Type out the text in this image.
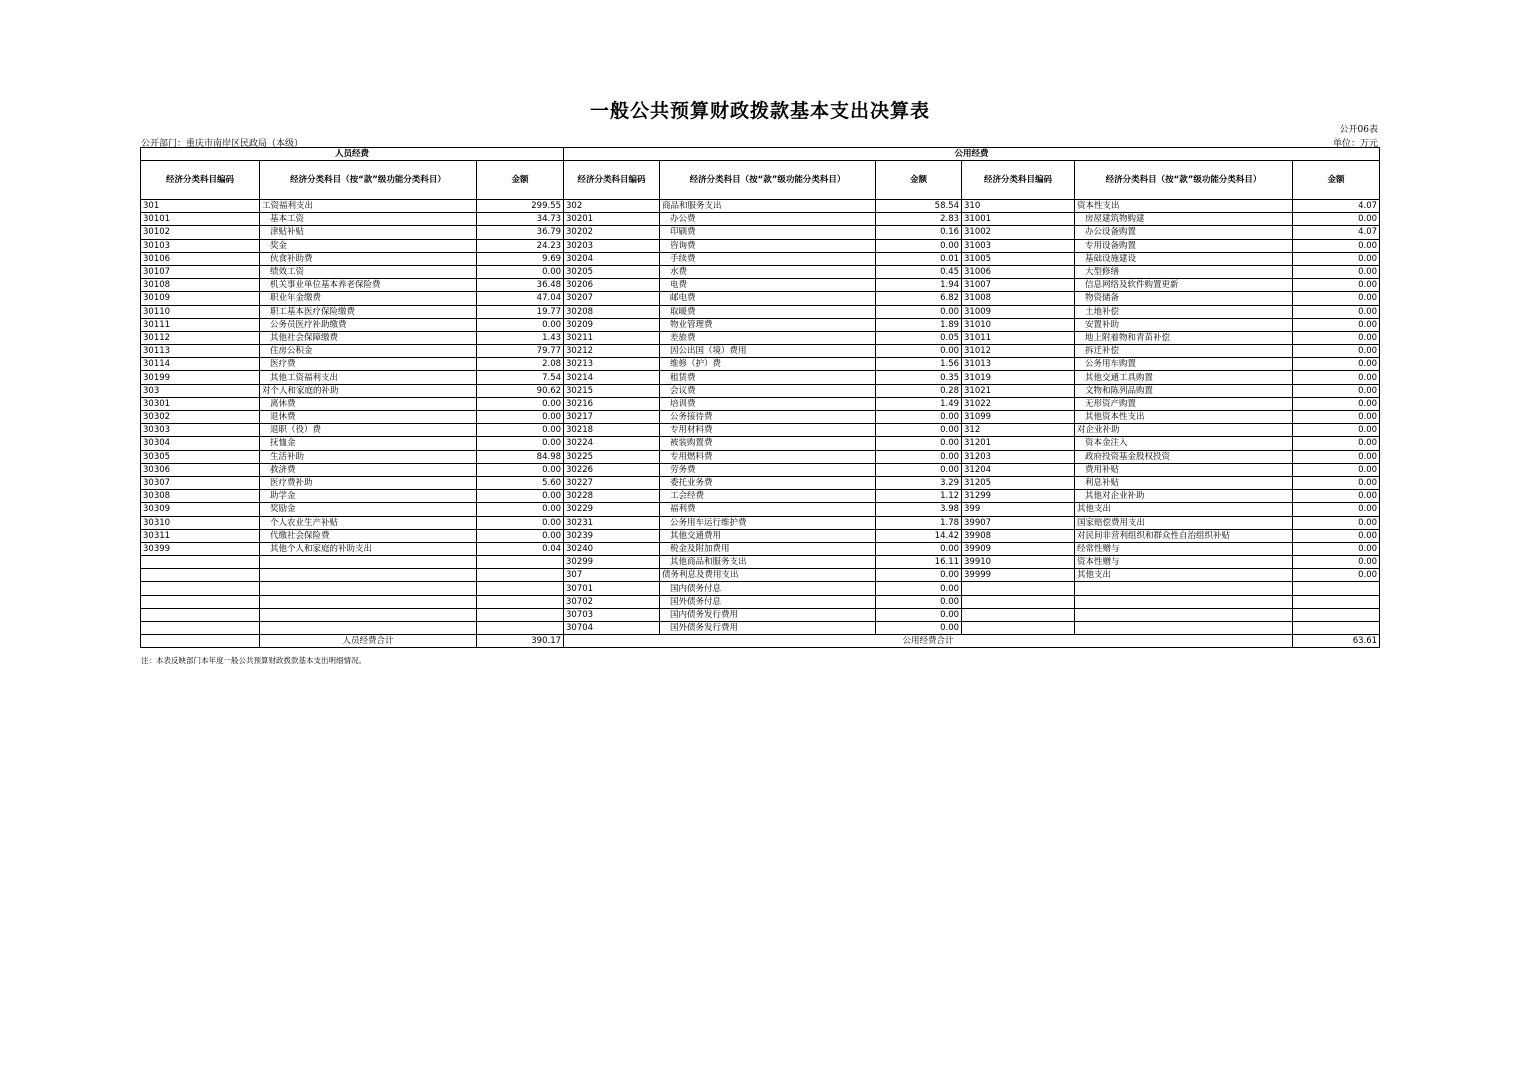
一般公共预算财政拨款基本支出决算表
公开06表
公开部门：重庆市南岸区民政局（本级）	单位：万元
人员经费			公用经费					
经济分类科目编码	经济分类科目（按“款”级功能分类科目）	金额	经济分类科目编码	经济分类科目（按“款”级功能分类科目）	金额	经济分类科目编码	经济分类科目（按“款”级功能分类科目）	金额
301	工资福利支出	299.55	302	商品和服务支出	58.54	310	资本性支出	4.07
30101	基本工资	34.73	30201	办公费	2.83	31001	房屋建筑物购建	0.00
30102	津贴补贴	36.79	30202	印刷费	0.16	31002	办公设备购置	4.07
30103	奖金	24.23	30203	咨询费	0.00	31003	专用设备购置	0.00
30106	伙食补助费	9.69	30204	手续费	0.01	31005	基础设施建设	0.00
30107	绩效工资	0.00	30205	水费	0.45	31006	大型修缮	0.00
30108	机关事业单位基本养老保险费	36.48	30206	电费	1.94	31007	信息网络及软件购置更新	0.00
30109	职业年金缴费	47.04	30207	邮电费	6.82	31008	物资储备	0.00
30110	职工基本医疗保险缴费	19.77	30208	取暖费	0.00	31009	土地补偿	0.00
30111	公务员医疗补助缴费	0.00	30209	物业管理费	1.89	31010	安置补助	0.00
30112	其他社会保障缴费	1.43	30211	差旅费	0.05	31011	地上附着物和青苗补偿	0.00
30113	住房公积金	79.77	30212	因公出国（境）费用	0.00	31012	拆迁补偿	0.00
30114	医疗费	2.08	30213	维修（护）费	1.56	31013	公务用车购置	0.00
30199	其他工资福利支出	7.54	30214	租赁费	0.35	31019	其他交通工具购置	0.00
303	对个人和家庭的补助	90.62	30215	会议费	0.28	31021	文物和陈列品购置	0.00
30301	离休费	0.00	30216	培训费	1.49	31022	无形资产购置	0.00
30302	退休费	0.00	30217	公务接待费	0.00	31099	其他资本性支出	0.00
30303	退职（役）费	0.00	30218	专用材料费	0.00	312	对企业补助	0.00
30304	抚恤金	0.00	30224	被装购置费	0.00	31201	资本金注入	0.00
30305	生活补助	84.98	30225	专用燃料费	0.00	31203	政府投资基金股权投资	0.00
30306	救济费	0.00	30226	劳务费	0.00	31204	费用补贴	0.00
30307	医疗费补助	5.60	30227	委托业务费	3.29	31205	利息补贴	0.00
30308	助学金	0.00	30228	工会经费	1.12	31299	其他对企业补助	0.00
30309	奖励金	0.00	30229	福利费	3.98	399	其他支出	0.00
30310	个人农业生产补贴	0.00	30231	公务用车运行维护费	1.78	39907	国家赔偿费用支出	0.00
30311	代缴社会保险费	0.00	30239	其他交通费用	14.42	39908	对民间非营利组织和群众性自治组织补贴	0.00
30399	其他个人和家庭的补助支出	0.04	30240	税金及附加费用	0.00	39909	经常性赠与	0.00
			30299	其他商品和服务支出	16.11	39910	资本性赠与	0.00
			307	债务利息及费用支出	0.00	39999	其他支出	0.00
			30701	国内债务付息	0.00			
			30702	国外债务付息	0.00			
			30703	国内债务发行费用	0.00			
			30704	国外债务发行费用	0.00			
	人员经费合计	390.17	公用经费合计					63.61
注：本表反映部门本年度一般公共预算财政拨款基本支出明细情况。
